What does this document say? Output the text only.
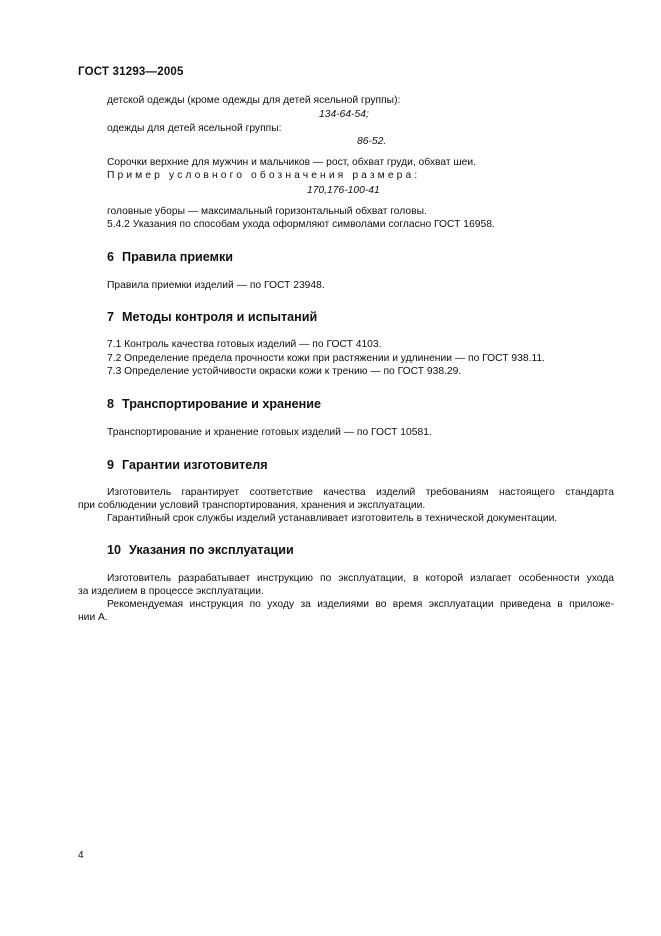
ГОСТ 31293—2005
детской одежды (кроме одежды для детей ясельной группы):
134-64-54;
одежды для детей ясельной группы:
86-52.
Сорочки верхние для мужчин и мальчиков — рост, обхват груди, обхват шеи.
Пример условного обозначения размера:
170,176-100-41
головные уборы — максимальный горизонтальный обхват головы.
5.4.2 Указания по способам ухода оформляют символами согласно ГОСТ 16958.
6 Правила приемки
Правила приемки изделий — по ГОСТ 23948.
7 Методы контроля и испытаний
7.1 Контроль качества готовых изделий — по ГОСТ 4103.
7.2 Определение предела прочности кожи при растяжении и удлинении — по ГОСТ 938.11.
7.3 Определение устойчивости окраски кожи к трению — по ГОСТ 938.29.
8 Транспортирование и хранение
Транспортирование и хранение готовых изделий — по ГОСТ 10581.
9 Гарантии изготовителя
Изготовитель гарантирует соответствие качества изделий требованиям настоящего стандарта
при соблюдении условий транспортирования, хранения и эксплуатации.
Гарантийный срок службы изделий устанавливает изготовитель в технической документации.
10 Указания по эксплуатации
Изготовитель разрабатывает инструкцию по эксплуатации, в которой излагает особенности ухода
за изделием в процессе эксплуатации.
Рекомендуемая инструкция по уходу за изделиями во время эксплуатации приведена в приложе-
нии А.
4
